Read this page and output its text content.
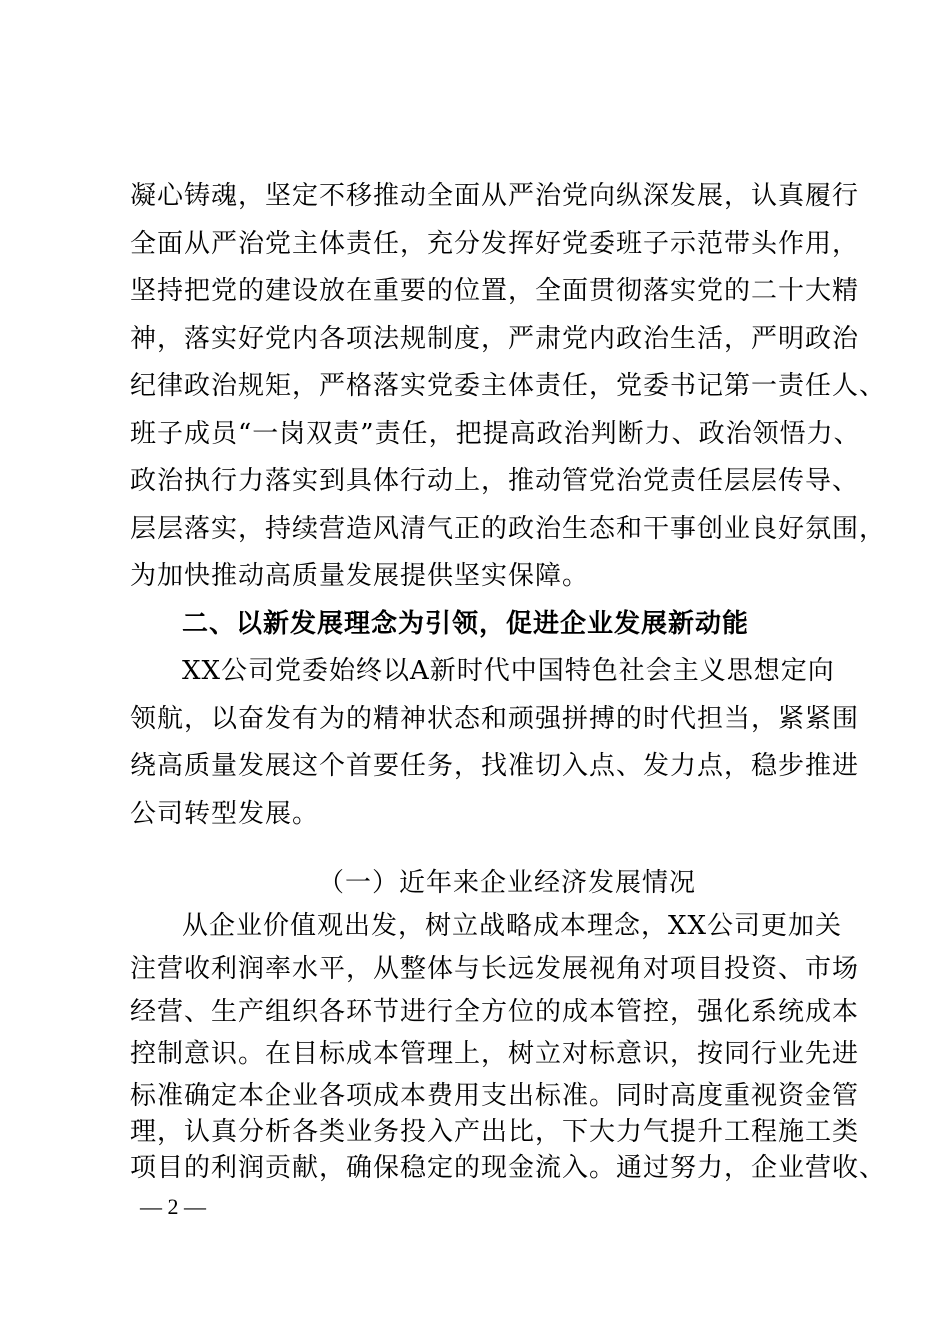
凝心铸魂，坚定不移推动全面从严治党向纵深发展，认真履行
全面从严治党主体责任，充分发挥好党委班子示范带头作用，
坚持把党的建设放在重要的位置，全面贯彻落实党的二十大精
神，落实好党内各项法规制度，严肃党内政治生活，严明政治
纪律政治规矩，严格落实党委主体责任，党委书记第一责任人、
班子成员“一岗双责”责任，把提高政治判断力、政治领悟力、
政治执行力落实到具体行动上，推动管党治党责任层层传导、
层层落实，持续营造风清气正的政治生态和干事创业良好氛围，
为加快推动高质量发展提供坚实保障。
二、以新发展理念为引领，促进企业发展新动能
XX公司党委始终以A新时代中国特色社会主义思想定向
领航，以奋发有为的精神状态和顽强拼搏的时代担当，紧紧围
绕高质量发展这个首要任务，找准切入点、发力点，稳步推进
公司转型发展。
（一）近年来企业经济发展情况
从企业价值观出发，树立战略成本理念，XX公司更加关
注营收利润率水平，从整体与长远发展视角对项目投资、市场
经营、生产组织各环节进行全方位的成本管控，强化系统成本
控制意识。在目标成本管理上，树立对标意识，按同行业先进
标准确定本企业各项成本费用支出标准。同时高度重视资金管
理，认真分析各类业务投入产出比，下大力气提升工程施工类
项目的利润贡献，确保稳定的现金流入。通过努力，企业营收、
— 2 —
